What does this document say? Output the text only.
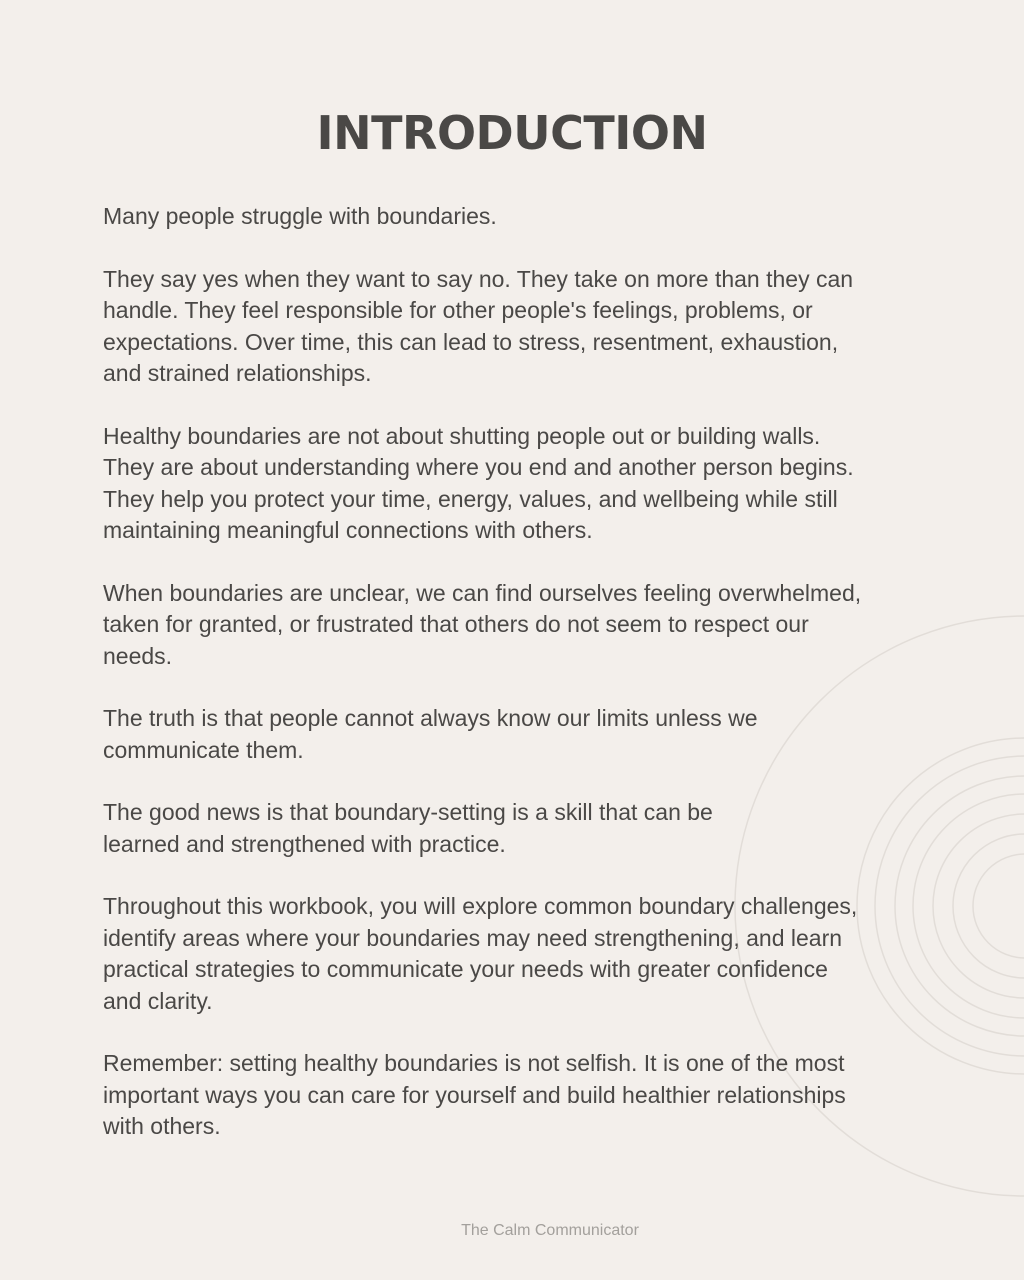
INTRODUCTION

Many people struggle with boundaries.

They say yes when they want to say no. They take on more than they can
handle. They feel responsible for other people's feelings, problems, or
expectations. Over time, this can lead to stress, resentment, exhaustion,
and strained relationships.

Healthy boundaries are not about shutting people out or building walls.
They are about understanding where you end and another person begins.
They help you protect your time, energy, values, and wellbeing while still
maintaining meaningful connections with others.

When boundaries are unclear, we can find ourselves feeling overwhelmed,
taken for granted, or frustrated that others do not seem to respect our
needs.

The truth is that people cannot always know our limits unless we
communicate them.

The good news is that boundary-setting is a skill that can be
learned and strengthened with practice.

Throughout this workbook, you will explore common boundary challenges,
identify areas where your boundaries may need strengthening, and learn
practical strategies to communicate your needs with greater confidence
and clarity.

Remember: setting healthy boundaries is not selfish. It is one of the most
important ways you can care for yourself and build healthier relationships
with others.

The Calm Communicator
